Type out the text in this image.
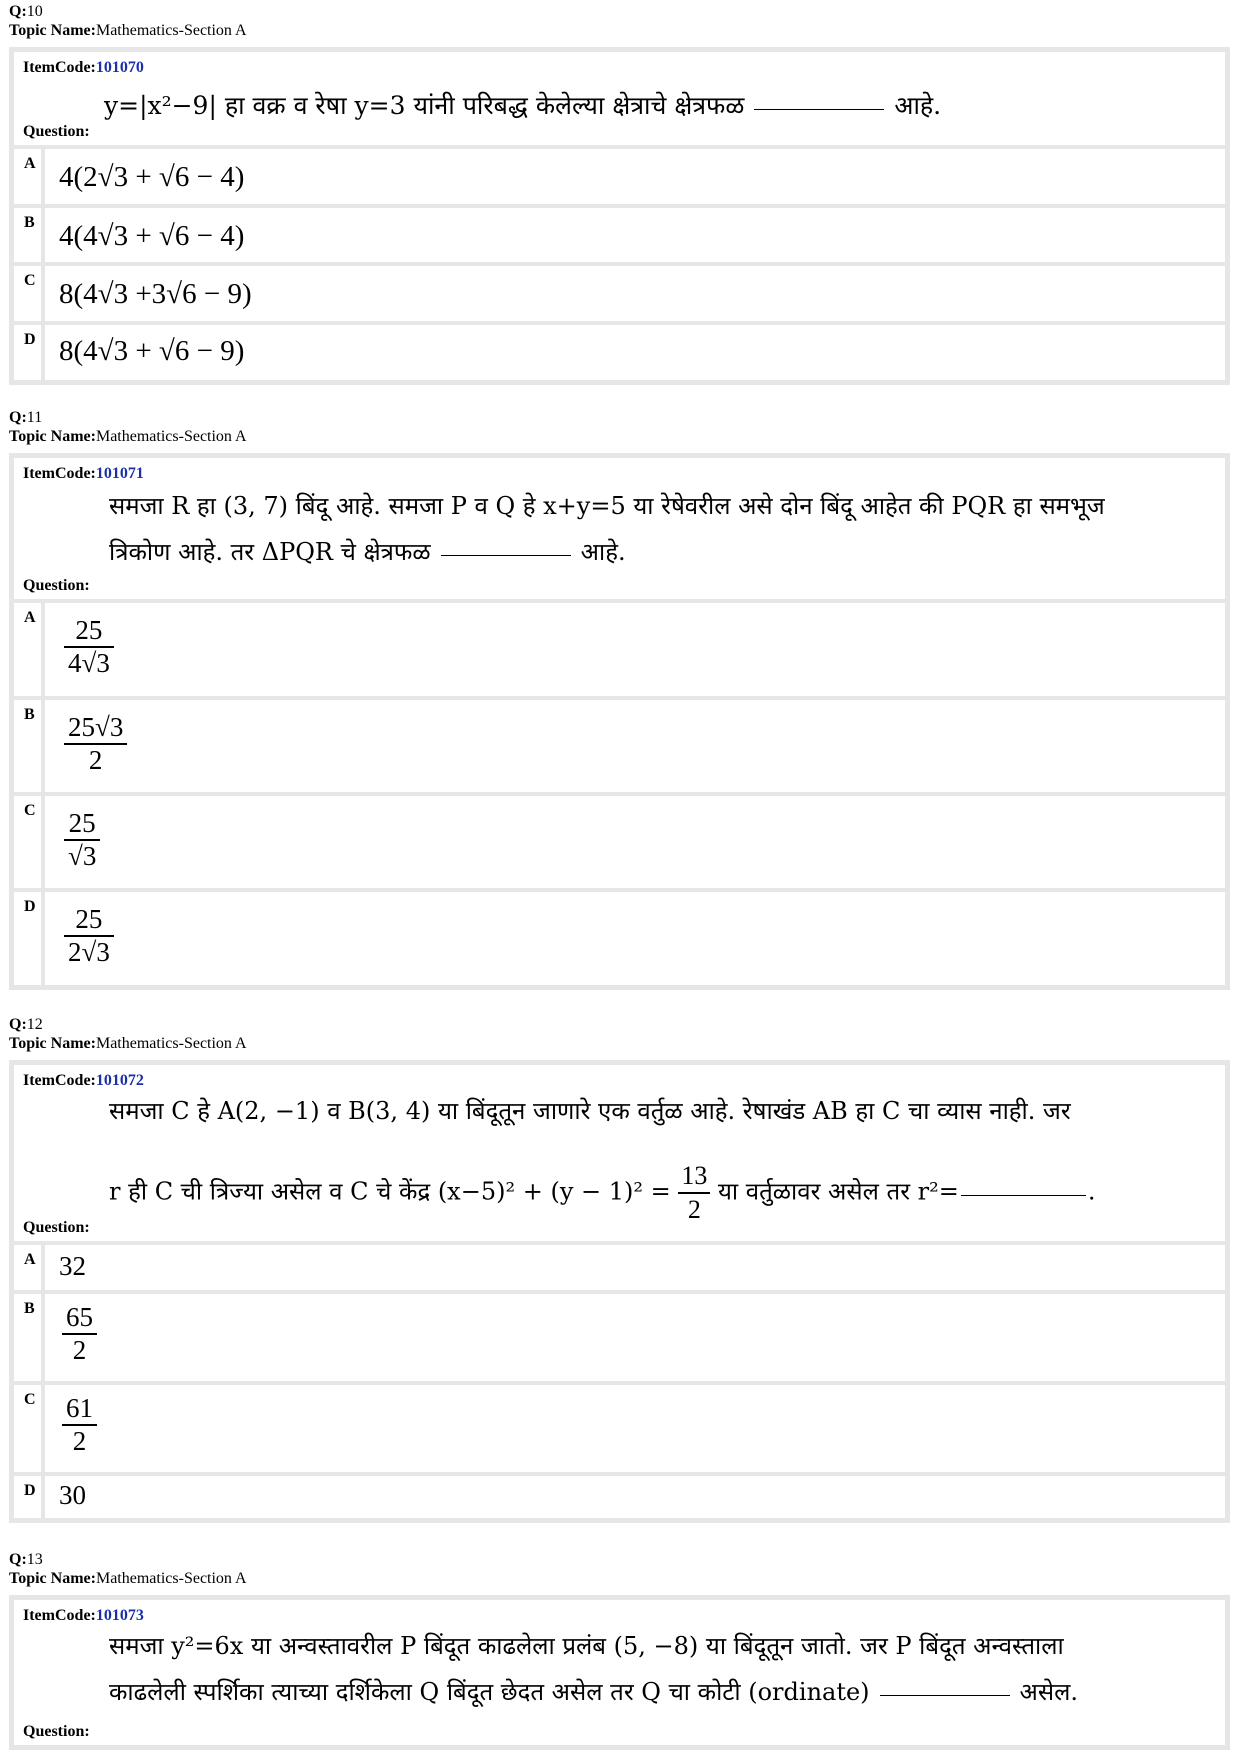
Q:10
Topic Name:Mathematics-Section A
ItemCode:101070
y=|x²−9| हा वक्र व रेषा y=3 यांनी परिबद्ध केलेल्या क्षेत्राचे क्षेत्रफळ	आहे.
Question:
A 4(2√3 + √6 − 4)
B 4(4√3 + √6 − 4)
C 8(4√3 +3√6 − 9)
D 8(4√3 + √6 − 9)
Q:11
Topic Name:Mathematics-Section A
ItemCode:101071
समजा R हा (3, 7) बिंदू आहे. समजा P व Q हे x+y=5 या रेषेवरील असे दोन बिंदू आहेत की PQR हा समभूज
त्रिकोण आहे. तर ΔPQR चे क्षेत्रफळ	आहे.
Question:
A	$\frac{25}{4√3}$
B	$\frac{25√3}{2}$
C	$\frac{25}{√3}$
D	$\frac{25}{2√3}$
Q:12
Topic Name:Mathematics-Section A
ItemCode:101072
समजा C हे A(2, −1) व B(3, 4) या बिंदूतून जाणारे एक वर्तुळ आहे. रेषाखंड AB हा C चा व्यास नाही. जर
r ही C ची त्रिज्या असेल व C चे केंद्र $(x-5)^2 + (y - 1)^2 = \frac{13}{2}$ या वर्तुळावर असेल तर r²=	.
Question:
A 32
B	$\frac{65}{2}$
C $\frac{61}{2}$
D 30
Q:13
Topic Name:Mathematics-Section A
ItemCode:101073
समजा y²=6x या अन्वस्तावरील P बिंदूत काढलेला प्रलंब (5, −8) या बिंदूतून जातो. जर P बिंदूत अन्वस्ताला
काढलेली स्पर्शिका त्याच्या दर्शिकेला Q बिंदूत छेदत असेल तर Q चा कोटी (ordinate)	असेल.
Question:
